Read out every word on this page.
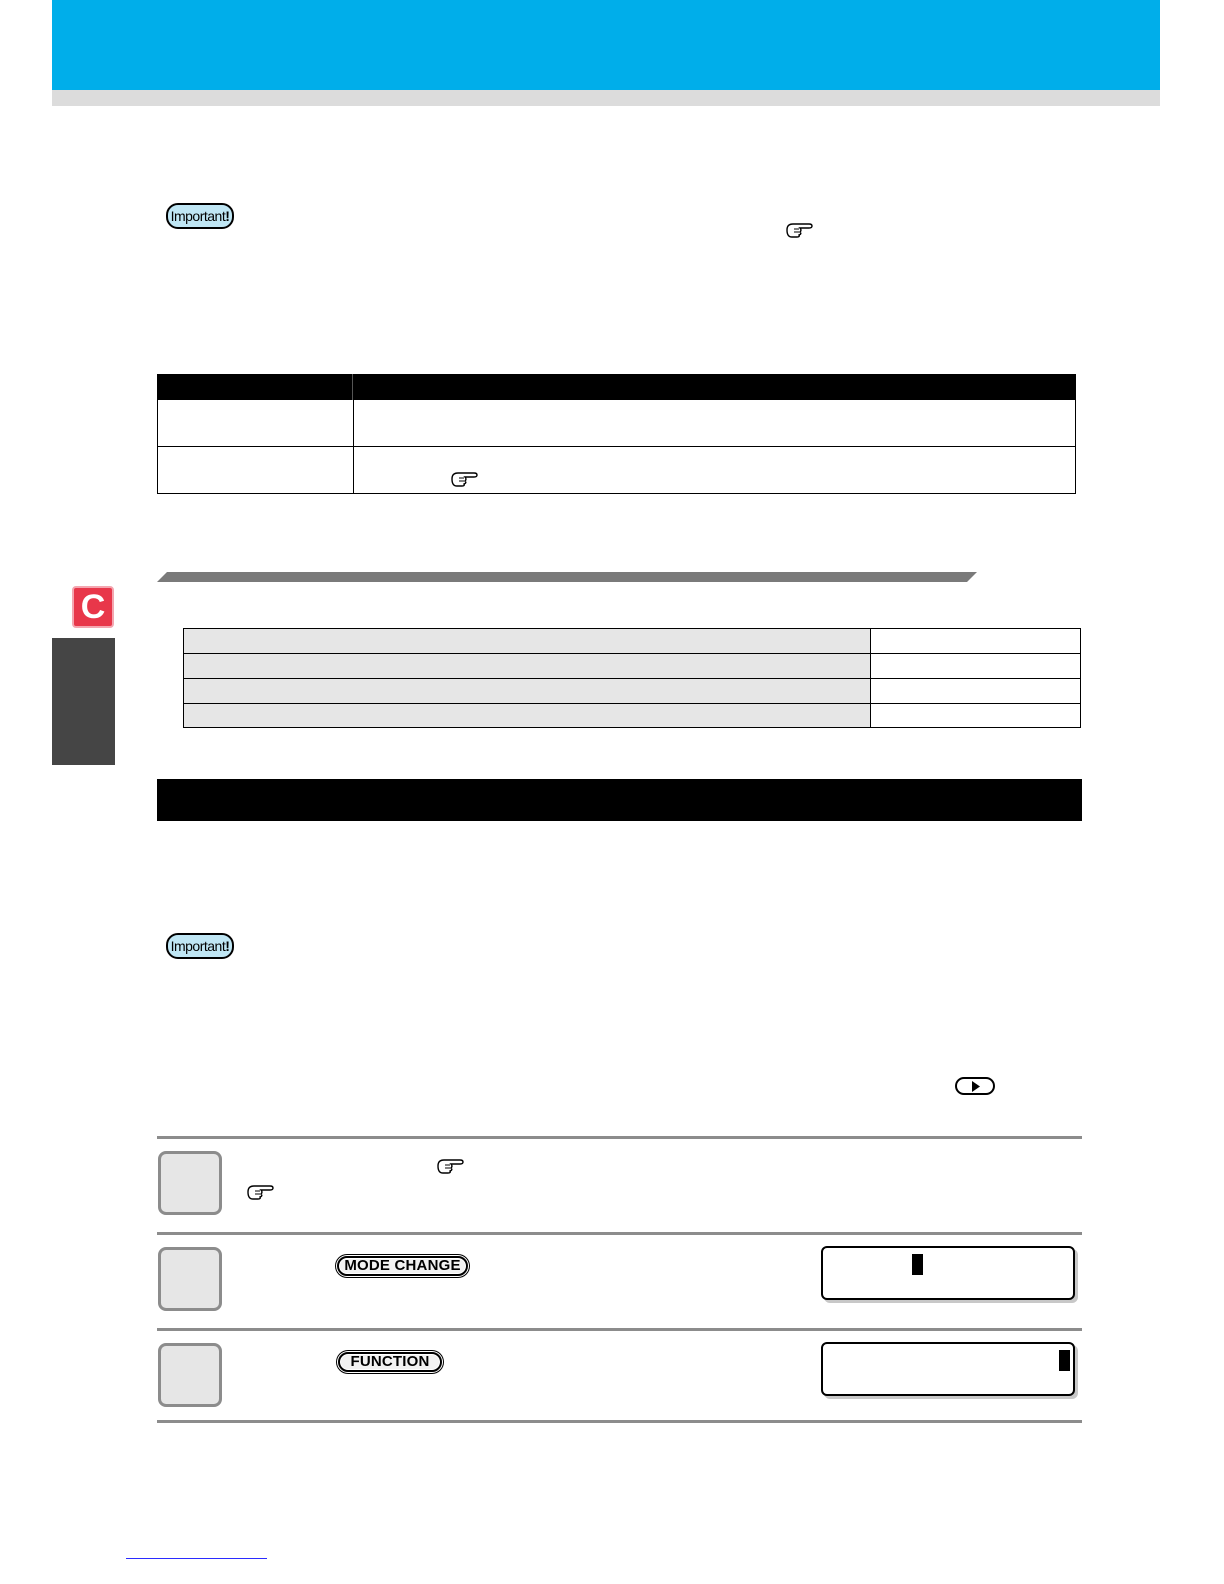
Important!
C
Important!
MODE CHANGE
FUNCTION
